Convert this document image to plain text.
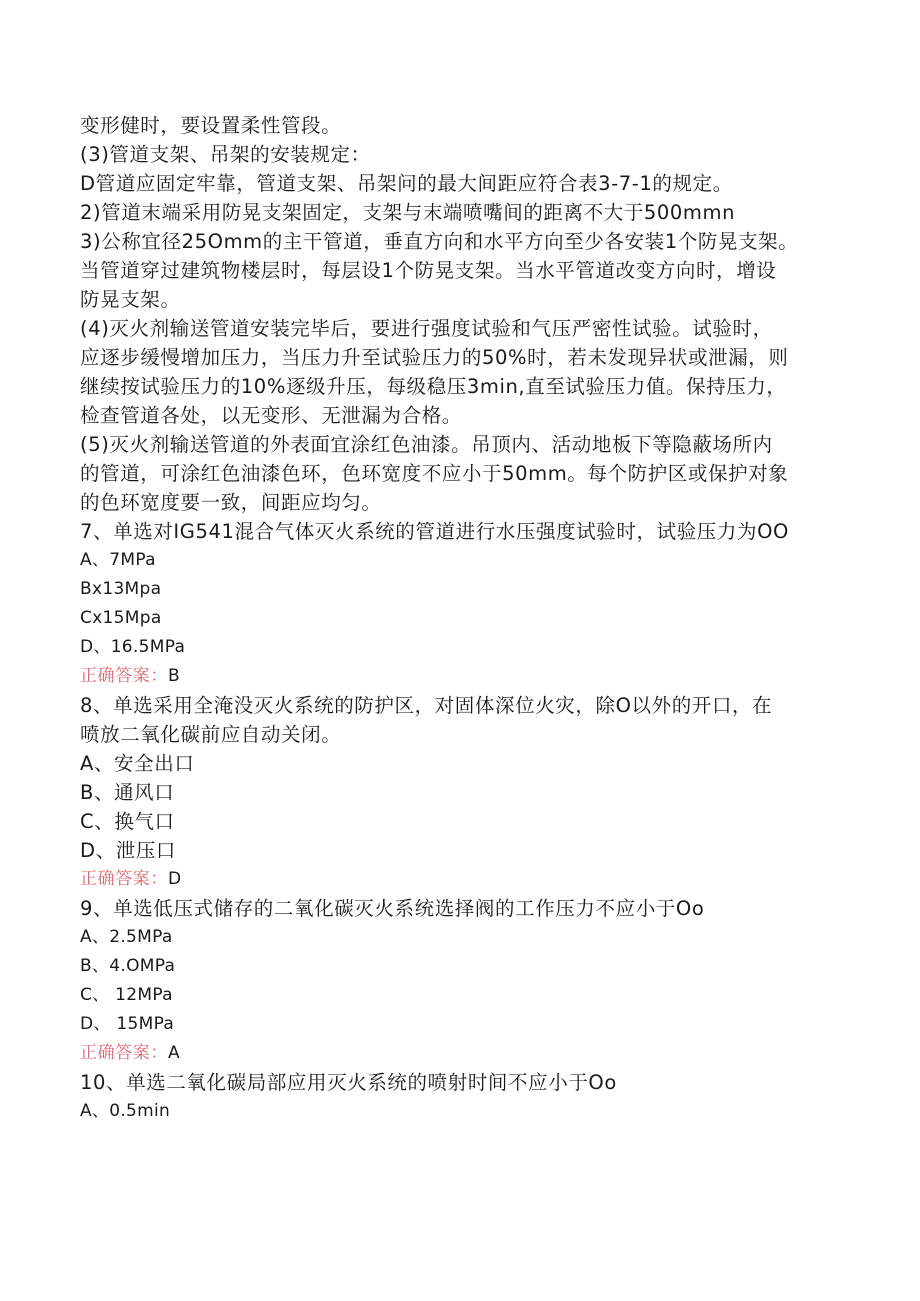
变形健时，要设置柔性管段。
(3)管道支架、吊架的安装规定：
D管道应固定牢靠，管道支架、吊架问的最大间距应符合表3-7-1的规定。
2)管道末端采用防晃支架固定，支架与末端喷嘴间的距离不大于500mmn
3)公称宜径25Omm的主干管道，垂直方向和水平方向至少各安装1个防晃支架。
当管道穿过建筑物楼层时，每层设1个防晃支架。当水平管道改变方向时，增设
防晃支架。
(4)灭火剂输送管道安装完毕后，要进行强度试验和气压严密性试验。试验时，
应逐步缓慢增加压力，当压力升至试验压力的50%时，若未发现异状或泄漏，则
继续按试验压力的10%逐级升压，每级稳压3min,直至试验压力值。保持压力，
检查管道各处，以无变形、无泄漏为合格。
(5)灭火剂输送管道的外表面宜涂红色油漆。吊顶内、活动地板下等隐蔽场所内
的管道，可涂红色油漆色环，色环宽度不应小于50mm。每个防护区或保护对象
的色环宽度要一致，间距应均匀。
7、单选对IG541混合气体灭火系统的管道进行水压强度试验时，试验压力为OO
A、7MPa
Bx13Mpa
Cx15Mpa
D、16.5MPa
正确答案：B
8、单选采用全淹没灭火系统的防护区，对固体深位火灾，除O以外的开口，在
喷放二氧化碳前应自动关闭。
A、安全出口
B、通风口
C、换气口
D、泄压口
正确答案：D
9、单选低压式储存的二氧化碳灭火系统选择阀的工作压力不应小于Oo
A、2.5MPa
B、4.OMPa
C、 12MPa
D、 15MPa
正确答案：A
10、单选二氧化碳局部应用灭火系统的喷射时间不应小于Oo
A、0.5min
